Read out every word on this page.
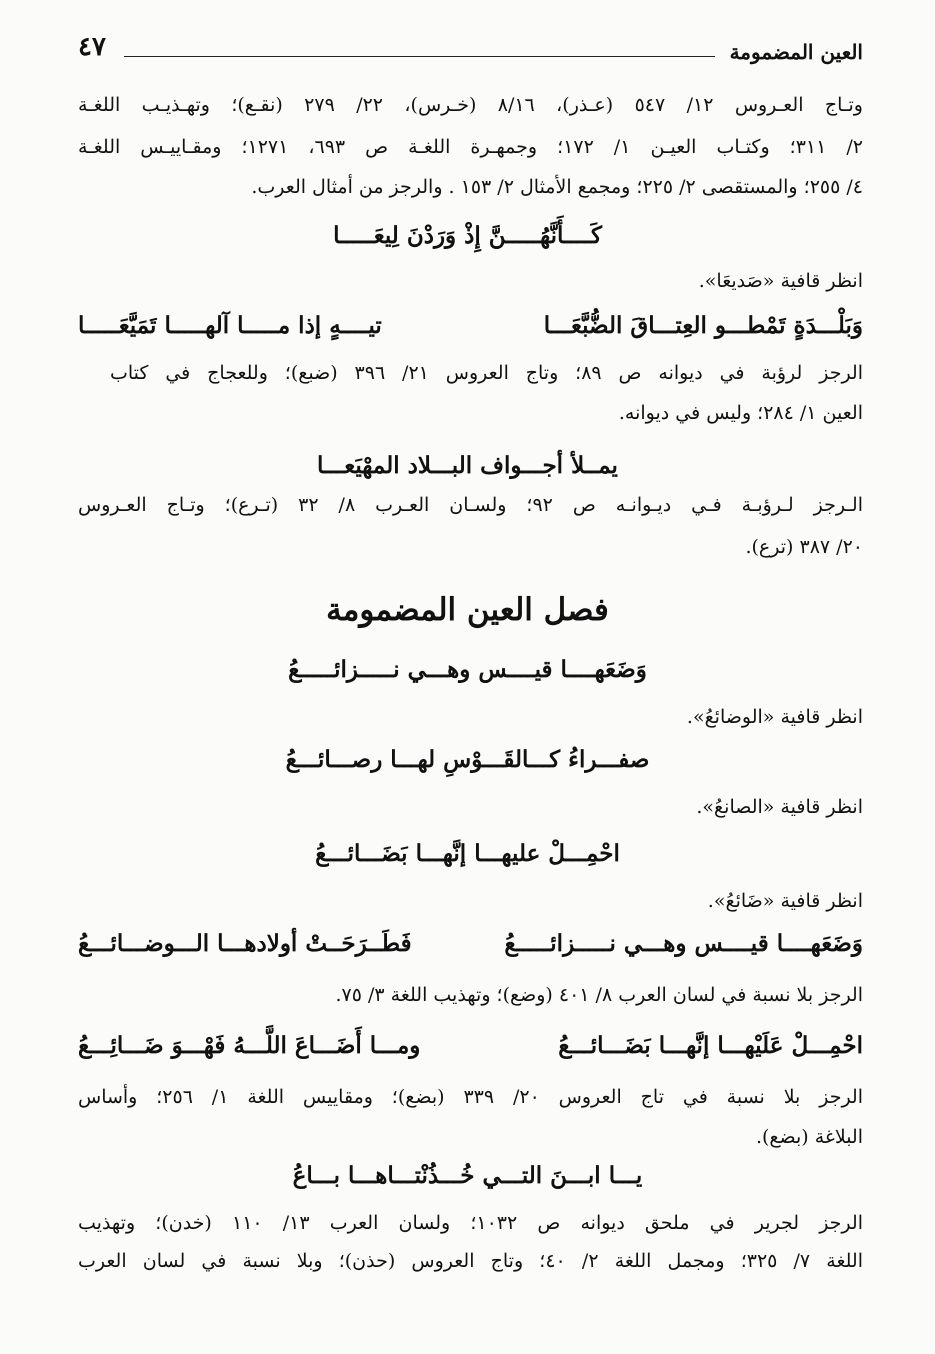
العين المضمومة
٤٧
وتـاج العـروس ١٢/ ٥٤٧ (عـذر)، ٨/١٦ (خـرس)، ٢٢/ ٢٧٩ (نقـع)؛ وتهـذيـب اللغـة
٢/ ٣١١؛ وكتـاب العيـن ١/ ١٧٢؛ وجمهـرة اللغـة ص ٦٩٣، ١٢٧١؛ ومقـاييـس اللغـة
٤/ ٢٥٥؛ والمستقصى ٢/ ٢٢٥؛ ومجمع الأمثال ٢/ ١٥٣ . والرجز من أمثال العرب.
كَــــأَنَّهُـــــنَّ إِذْ وَرَدْنَ لِيعَـــــا
انظر قافية «صَديعَا».
وَبَلْـــدَةٍ تَمْطـــو العِتـــاقَ الضُّبَّعَـــا
تيــــهٍ إذا مـــــا آلهـــــا تَمَيَّعَـــــا
الرجز لرؤبة في ديوانه ص ٨٩؛ وتاج العروس ٢١/ ٣٩٦ (ضبع)؛ وللعجاج في كتاب
العين ١/ ٢٨٤؛ وليس في ديوانه.
يمــلأ أجـــواف البـــلاد المهْيَعـــا
الـرجز لـرؤبـة فـي ديـوانـه ص ٩٢؛ ولسـان العـرب ٨/ ٣٢ (تـرع)؛ وتـاج العـروس
٢٠/ ٣٨٧ (ترع).
فصل العين المضمومة
وَضَعَهــــا قيــــس وهـــي نـــــزائـــــعُ
انظر قافية «الوضائعُ».
صفـــراءُ كـــالقَـــوْسِ لهـــا رصـــائـــعُ
انظر قافية «الصانعُ».
احْمِـــلْ عليهـــا إنَّهـــا بَضَـــائـــعُ
انظر قافية «ضَائعُ».
وَضَعَهــــا قيــــس وهـــي نـــــزائـــــعُ
فَطَــرَحَــتْ أولادهـــا الـــوضـــائـــعُ
الرجز بلا نسبة في لسان العرب ٨/ ٤٠١ (وضع)؛ وتهذيب اللغة ٣/ ٧٥.
احْمِـــلْ عَلَيْهـــا إنَّهـــا بَضَـــائـــعُ
ومـــا أَضَـــاعَ اللَّـــهُ فَهْـــوَ ضَـــائِـــعُ
الرجز بلا نسبة في تاج العروس ٢٠/ ٣٣٩ (بضع)؛ ومقاييس اللغة ١/ ٢٥٦؛ وأساس
البلاغة (بضع).
يـــا ابـــنَ التـــي خُـــذُنْتـــاهـــا بـــاعُ
الرجز لجرير في ملحق ديوانه ص ١٠٣٢؛ ولسان العرب ١٣/ ١١٠ (خدن)؛ وتهذيب
اللغة ٧/ ٣٢٥؛ ومجمل اللغة ٢/ ٤٠؛ وتاج العروس (حذن)؛ وبلا نسبة في لسان العرب
